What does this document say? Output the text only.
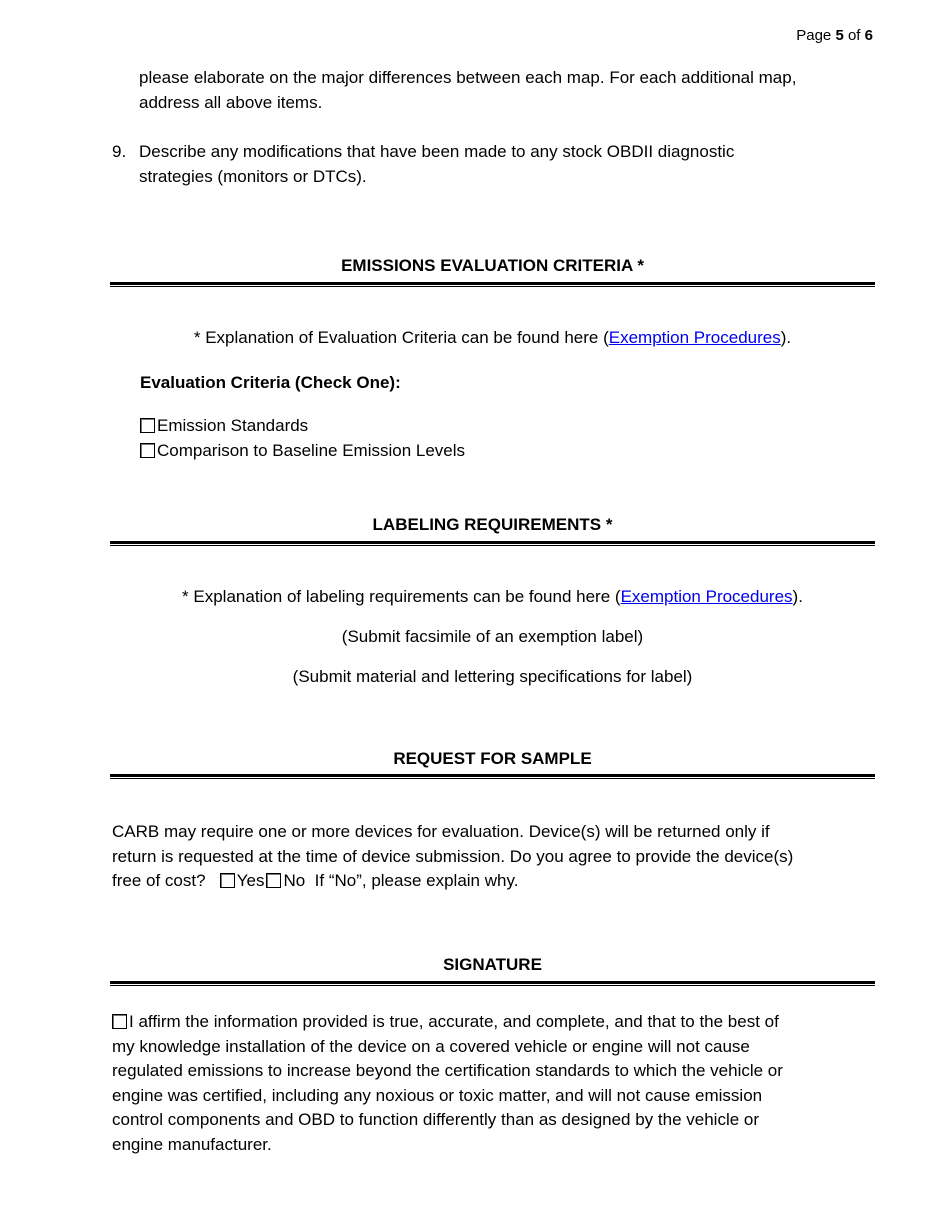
Page 5 of 6
please elaborate on the major differences between each map. For each additional map,
address all above items.
9. Describe any modifications that have been made to any stock OBDII diagnostic
strategies (monitors or DTCs).
EMISSIONS EVALUATION CRITERIA *
* Explanation of Evaluation Criteria can be found here (Exemption Procedures).
Evaluation Criteria (Check One):
Emission Standards
Comparison to Baseline Emission Levels
LABELING REQUIREMENTS *
* Explanation of labeling requirements can be found here (Exemption Procedures).
(Submit facsimile of an exemption label)
(Submit material and lettering specifications for label)
REQUEST FOR SAMPLE
CARB may require one or more devices for evaluation. Device(s) will be returned only if
return is requested at the time of device submission. Do you agree to provide the device(s)
free of cost? Yes No If “No”, please explain why.
SIGNATURE
I affirm the information provided is true, accurate, and complete, and that to the best of
my knowledge installation of the device on a covered vehicle or engine will not cause
regulated emissions to increase beyond the certification standards to which the vehicle or
engine was certified, including any noxious or toxic matter, and will not cause emission
control components and OBD to function differently than as designed by the vehicle or
engine manufacturer.
